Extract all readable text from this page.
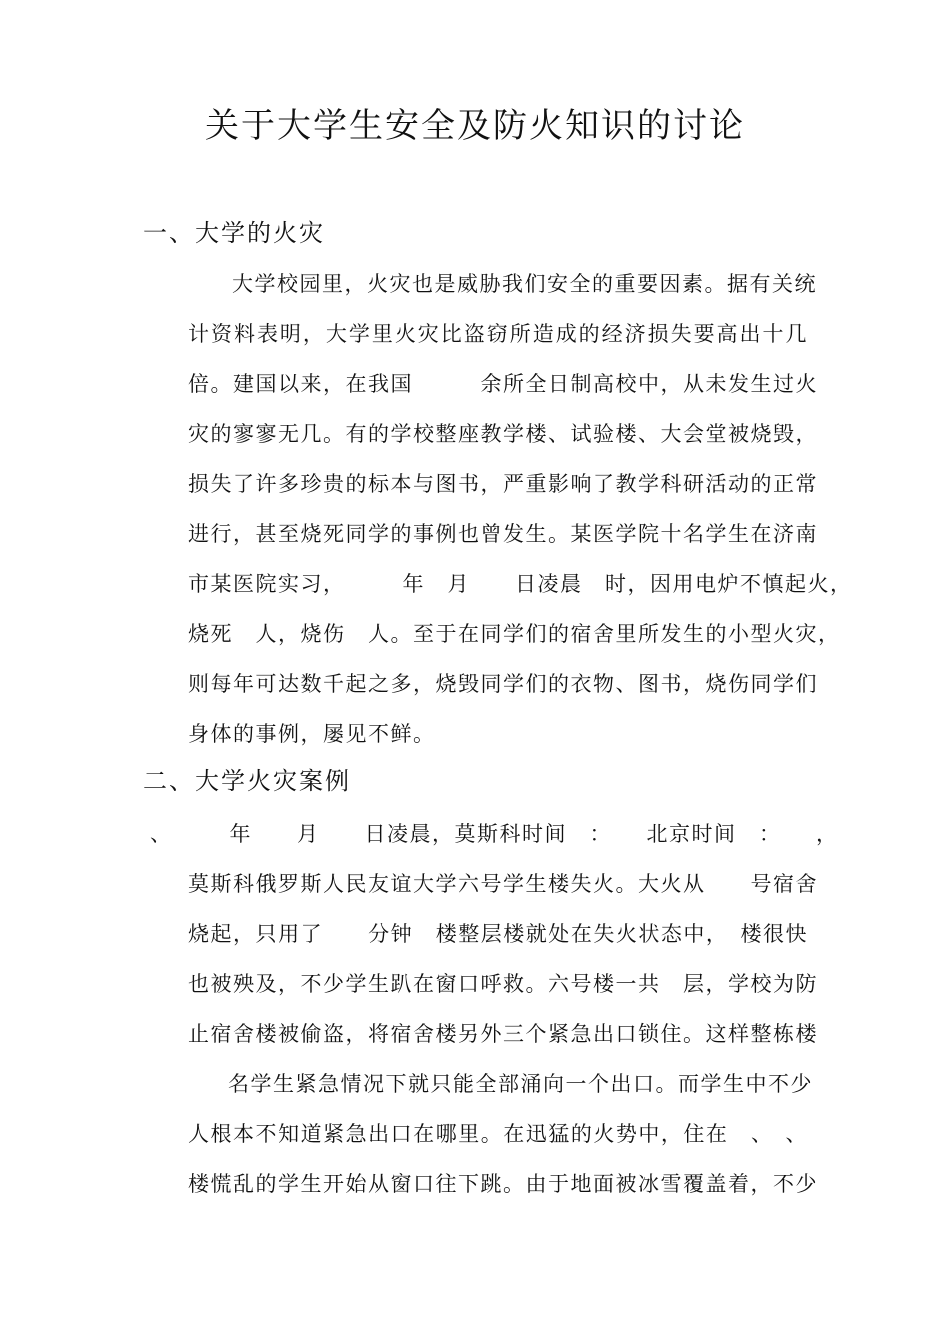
关于大学生安全及防火知识的讨论
一、大学的火灾
大学校园里，火灾也是威胁我们安全的重要因素。据有关统
计资料表明，大学里火灾比盗窃所造成的经济损失要高出十几
倍。建国以来，在我国　　　余所全日制高校中，从未发生过火
灾的寥寥无几。有的学校整座教学楼、试验楼、大会堂被烧毁，
损失了许多珍贵的标本与图书，严重影响了教学科研活动的正常
进行，甚至烧死同学的事例也曾发生。某医学院十名学生在济南
市某医院实习，　　　年　月　　日凌晨　时，因用电炉不慎起火，
烧死　人，烧伤　人。至于在同学们的宿舍里所发生的小型火灾，
则每年可达数千起之多，烧毁同学们的衣物、图书，烧伤同学们
身体的事例，屡见不鲜。
二、大学火灾案例
、　　　年　　月　　日凌晨，莫斯科时间　：　　北京时间　：　　，
莫斯科俄罗斯人民友谊大学六号学生楼失火。大火从　　号宿舍
烧起，只用了　　分钟　楼整层楼就处在失火状态中，　楼很快
也被殃及，不少学生趴在窗口呼救。六号楼一共　层，学校为防
止宿舍楼被偷盗，将宿舍楼另外三个紧急出口锁住。这样整栋楼
名学生紧急情况下就只能全部涌向一个出口。而学生中不少
人根本不知道紧急出口在哪里。在迅猛的火势中，住在　、　、
楼慌乱的学生开始从窗口往下跳。由于地面被冰雪覆盖着，不少
